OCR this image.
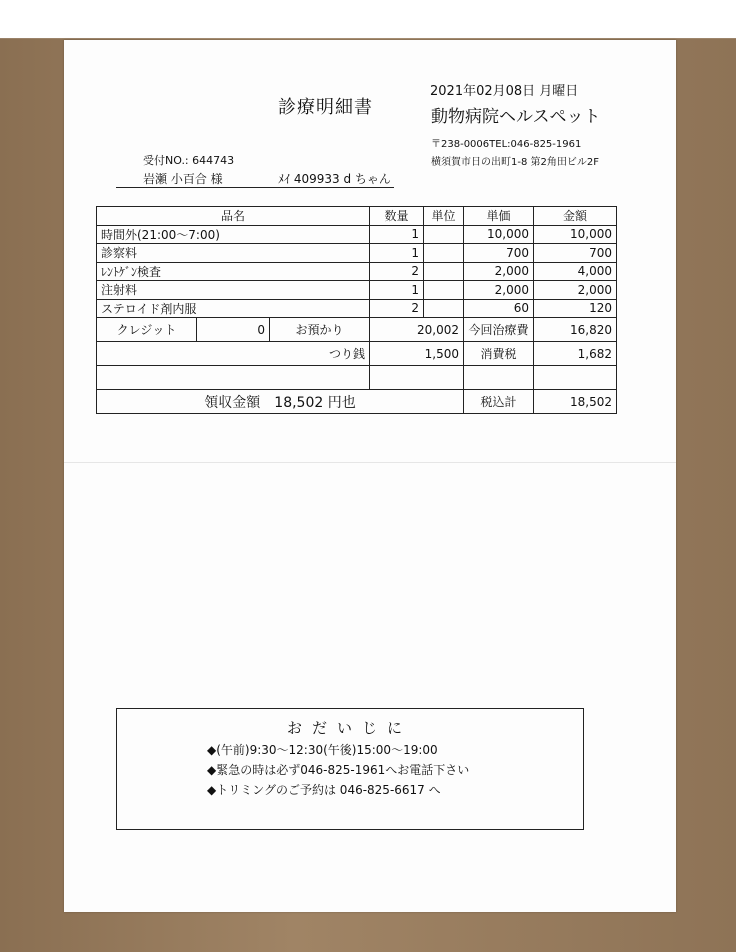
診療明細書
2021年02月08日 月曜日
動物病院ヘルスペット
〒238-0006TEL:046-825-1961
横須賀市日の出町1-8 第2角田ビル2F
受付NO.: 644743
岩瀬 小百合 様	ﾒｲ 409933 d ちゃん
品名			数量	単位	単価	金額
時間外(21:00～7:00)			1		10,000	10,000
診察料			1		700	700
ﾚﾝﾄｹﾞﾝ検査			2		2,000	4,000
注射料			1		2,000	2,000
ステロイド剤内服			2		60	120
クレジット	0	お預かり	20,002		今回治療費	16,820
つり銭			1,500		消費税	1,682

領収金額　18,502 円也					税込計	18,502
おだいじに
◆(午前)9:30～12:30(午後)15:00～19:00
◆緊急の時は必ず046-825-1961へお電話下さい
◆トリミングのご予約は 046-825-6617 へ
